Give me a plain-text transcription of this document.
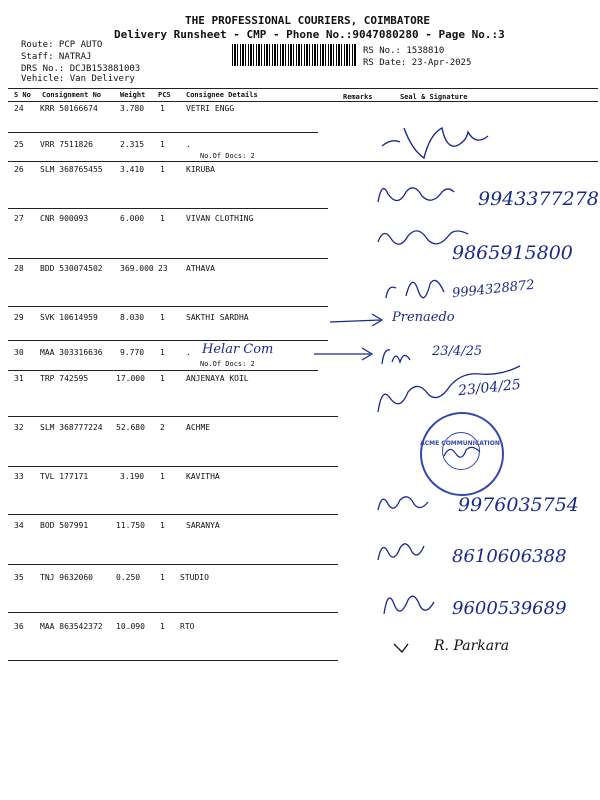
THE PROFESSIONAL COURIERS, COIMBATORE
Delivery Runsheet - CMP - Phone No.:9047080280 - Page No.:3
Route: PCP AUTO
Staff: NATRAJ
DRS No.: DCJB153881003
Vehicle: Van Delivery
RS No.: 1538810
RS Date: 23-Apr-2025
S No Consignment No	Weight PCS Consignee Details	Remarks	Seal & Signature
24 KRR 50166674	3.780 1	VETRI ENGG
25 VRR 7511826	2.315 1	.
No.Of Docs: 2
26 SLM 368765455 3.410 1	KIRUBA
27 CNR 900093	6.000 1	VIVAN CLOTHING
28 BDD 530074502 369.000 23 ATHAVA
29 SVK 10614959	8.030 1	SAKTHI SARDHA
30 MAA 303316636 9.770 1	.
No.Of Docs: 2
31 TRP 742595	17.000 1	ANJENAYA KOIL
32 SLM 368777224 52.680 2	ACHME
33 TVL 177171	3.190 1	KAVITHA
34 BOD 507991	11.750 1	SARANYA
35 TNJ 9632060	0.250 1 STUDIO
36 MAA 863542372 10.090 1 RTO
9943377278
9865915800
9994328872
Prenaedo
Helar Com	23/4/25
23/04/25
ACME COMMUNICATION
9976035754
8610606388
9600539689
R. Parkara
